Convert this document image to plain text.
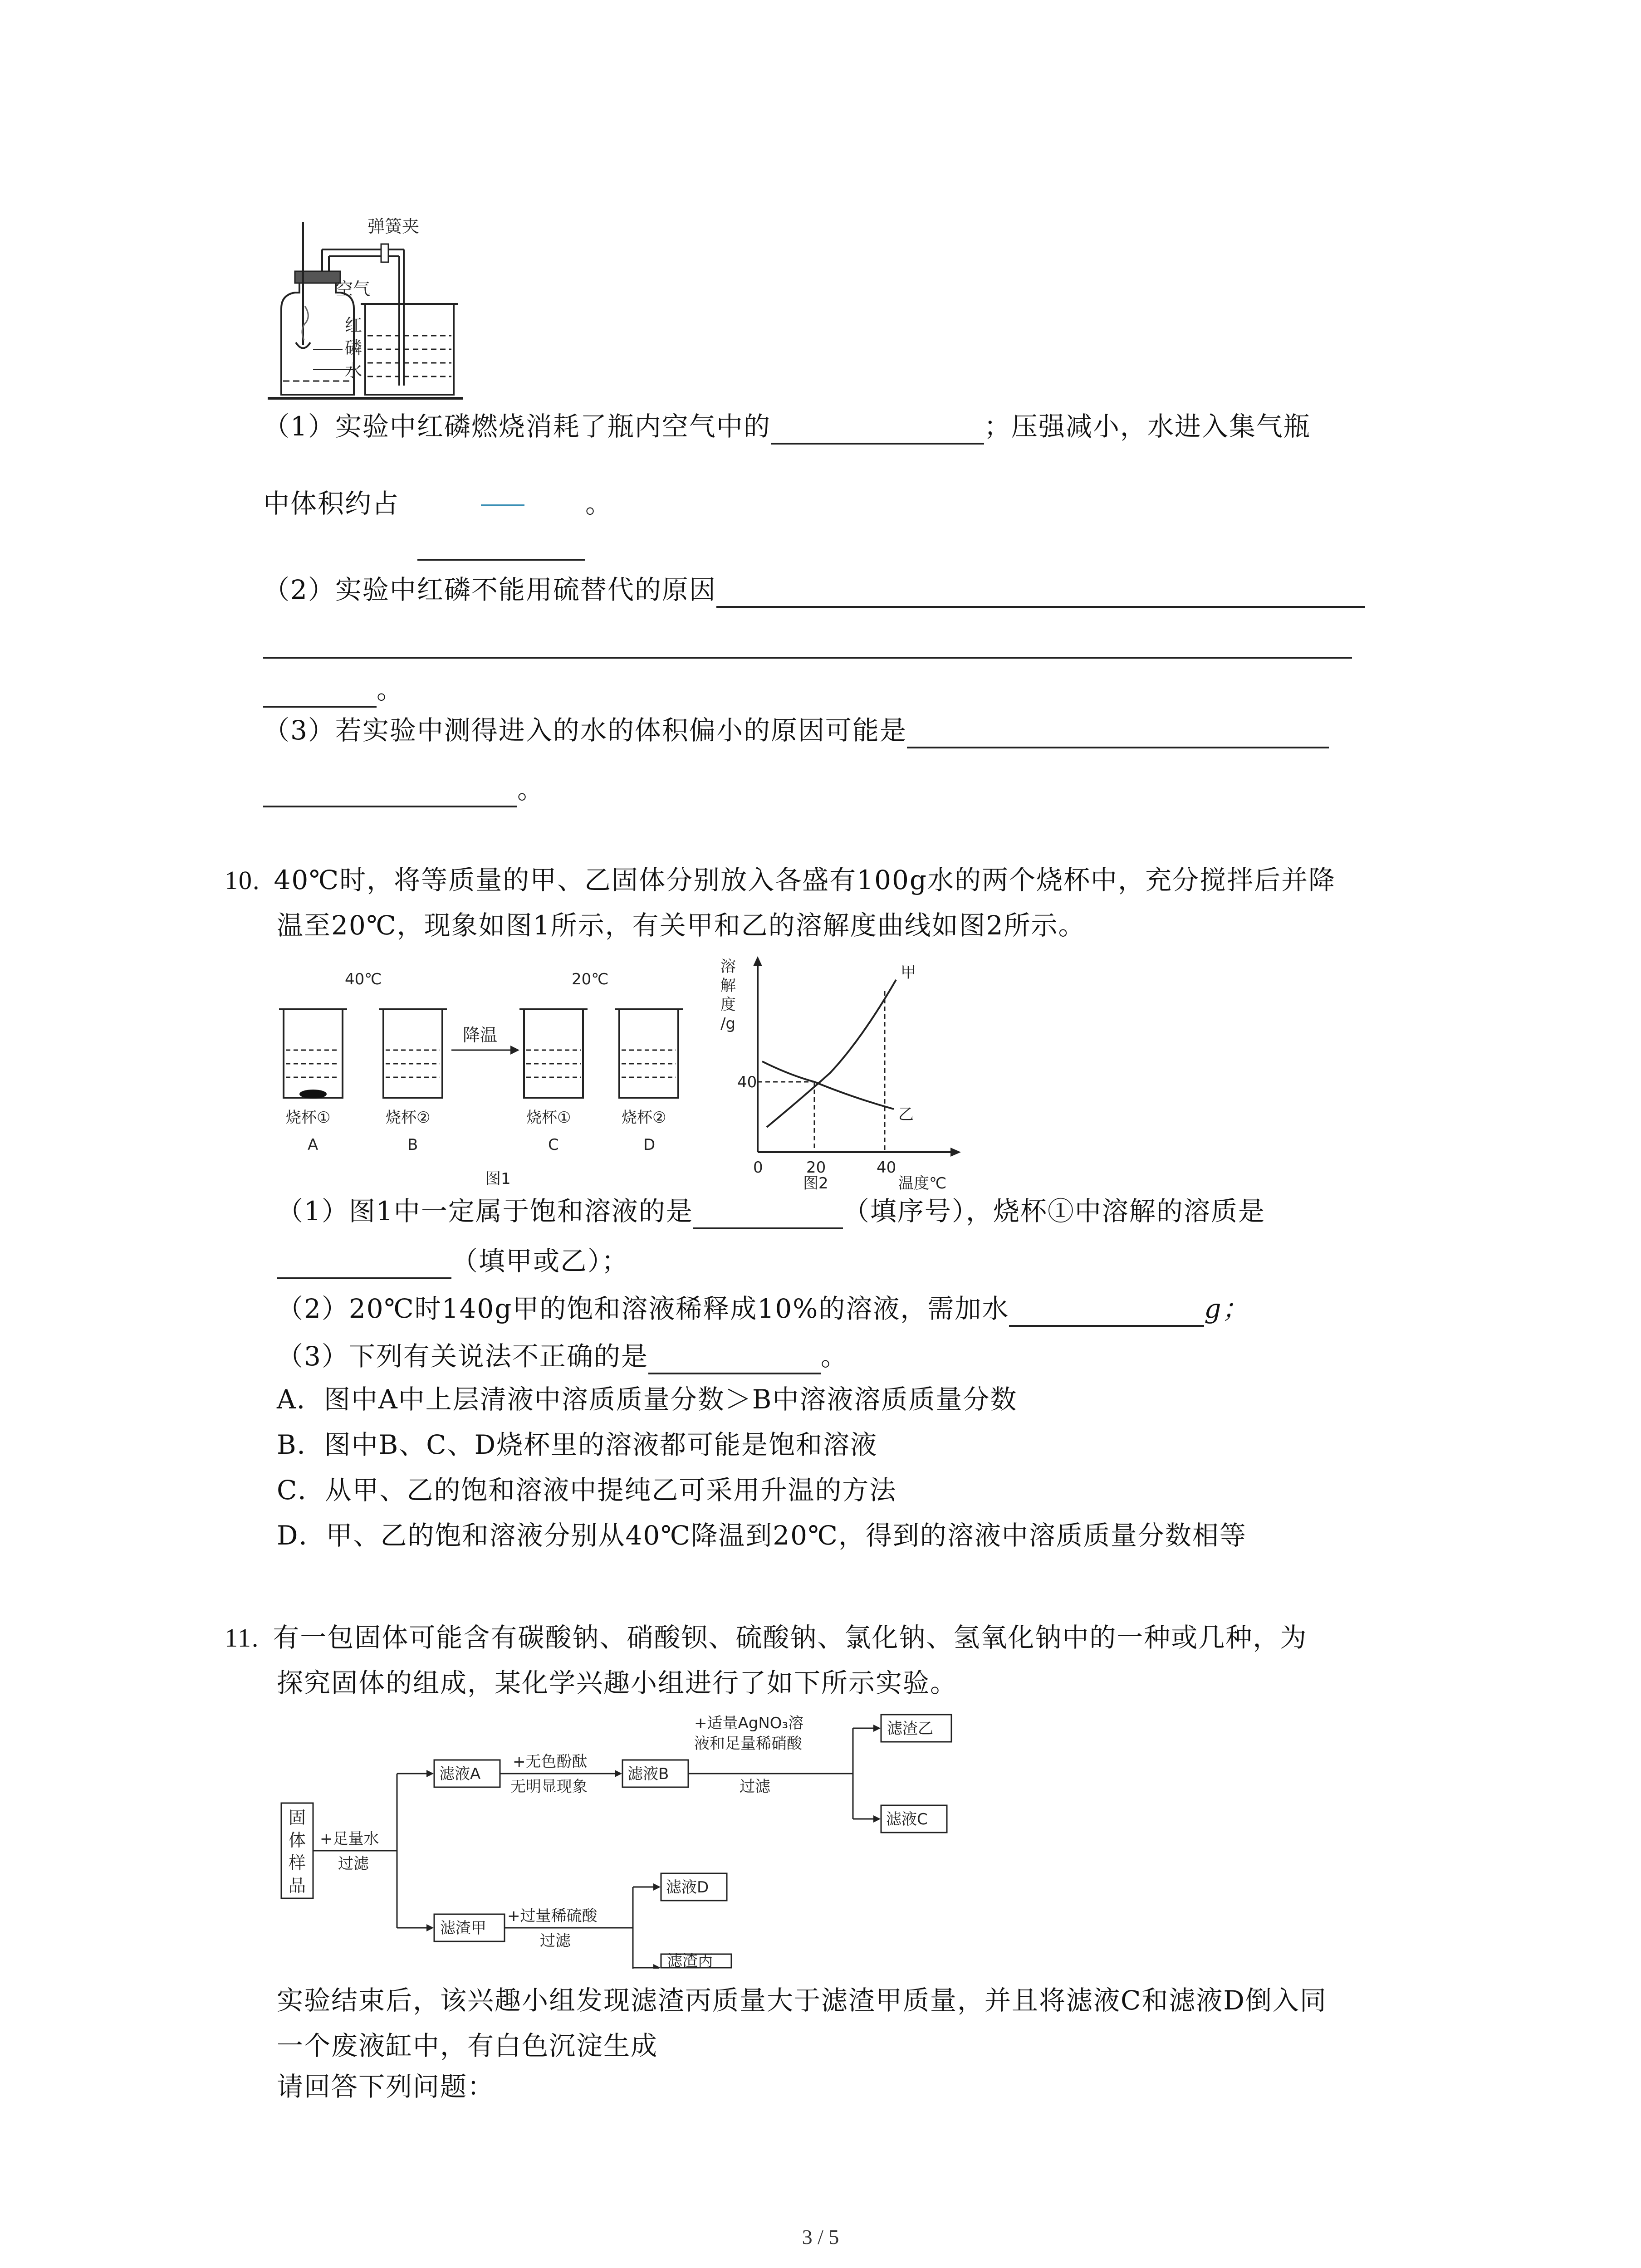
弹簧夹
空气
红
磷
水
（1）实验中红磷燃烧消耗了瓶内空气中的	；压强减小，水进入集气瓶
中体积约占	。
（2）实验中红磷不能用硫替代的原因
。
（3）若实验中测得进入的水的体积偏小的原因可能是
。
10. 40℃时，将等质量的甲、乙固体分别放入各盛有100g水的两个烧杯中，充分搅拌后并降
温至20℃，现象如图1所示，有关甲和乙的溶解度曲线如图2所示。
40℃	20℃
降温
烧杯①	烧杯②	烧杯①	烧杯②
A	B	C	D
图1
溶
解
度
/g
40
0	20	40
温度℃
甲
乙
图2
（1）图1中一定属于饱和溶液的是	（填序号），烧杯①中溶解的溶质是
（填甲或乙）；
（2）20℃时140g甲的饱和溶液稀释成10%的溶液，需加水	g；
（3）下列有关说法不正确的是	。
A．图中A中上层清液中溶质质量分数＞B中溶液溶质质量分数
B．图中B、C、D烧杯里的溶液都可能是饱和溶液
C．从甲、乙的饱和溶液中提纯乙可采用升温的方法
D．甲、乙的饱和溶液分别从40℃降温到20℃，得到的溶液中溶质质量分数相等
11. 有一包固体可能含有碳酸钠、硝酸钡、硫酸钠、氯化钠、氢氧化钠中的一种或几种，为
探究固体的组成，某化学兴趣小组进行了如下所示实验。
固
体
样
品
+足量水
过滤
滤液A
+无色酚酞
无明显现象
滤液B
+适量AgNO₃溶
液和足量稀硝酸
过滤
滤渣乙
滤液C
滤渣甲
+过量稀硫酸
过滤
滤液D
滤渣丙
实验结束后，该兴趣小组发现滤渣丙质量大于滤渣甲质量，并且将滤液C和滤液D倒入同
一个废液缸中，有白色沉淀生成
请回答下列问题：
3 / 5
